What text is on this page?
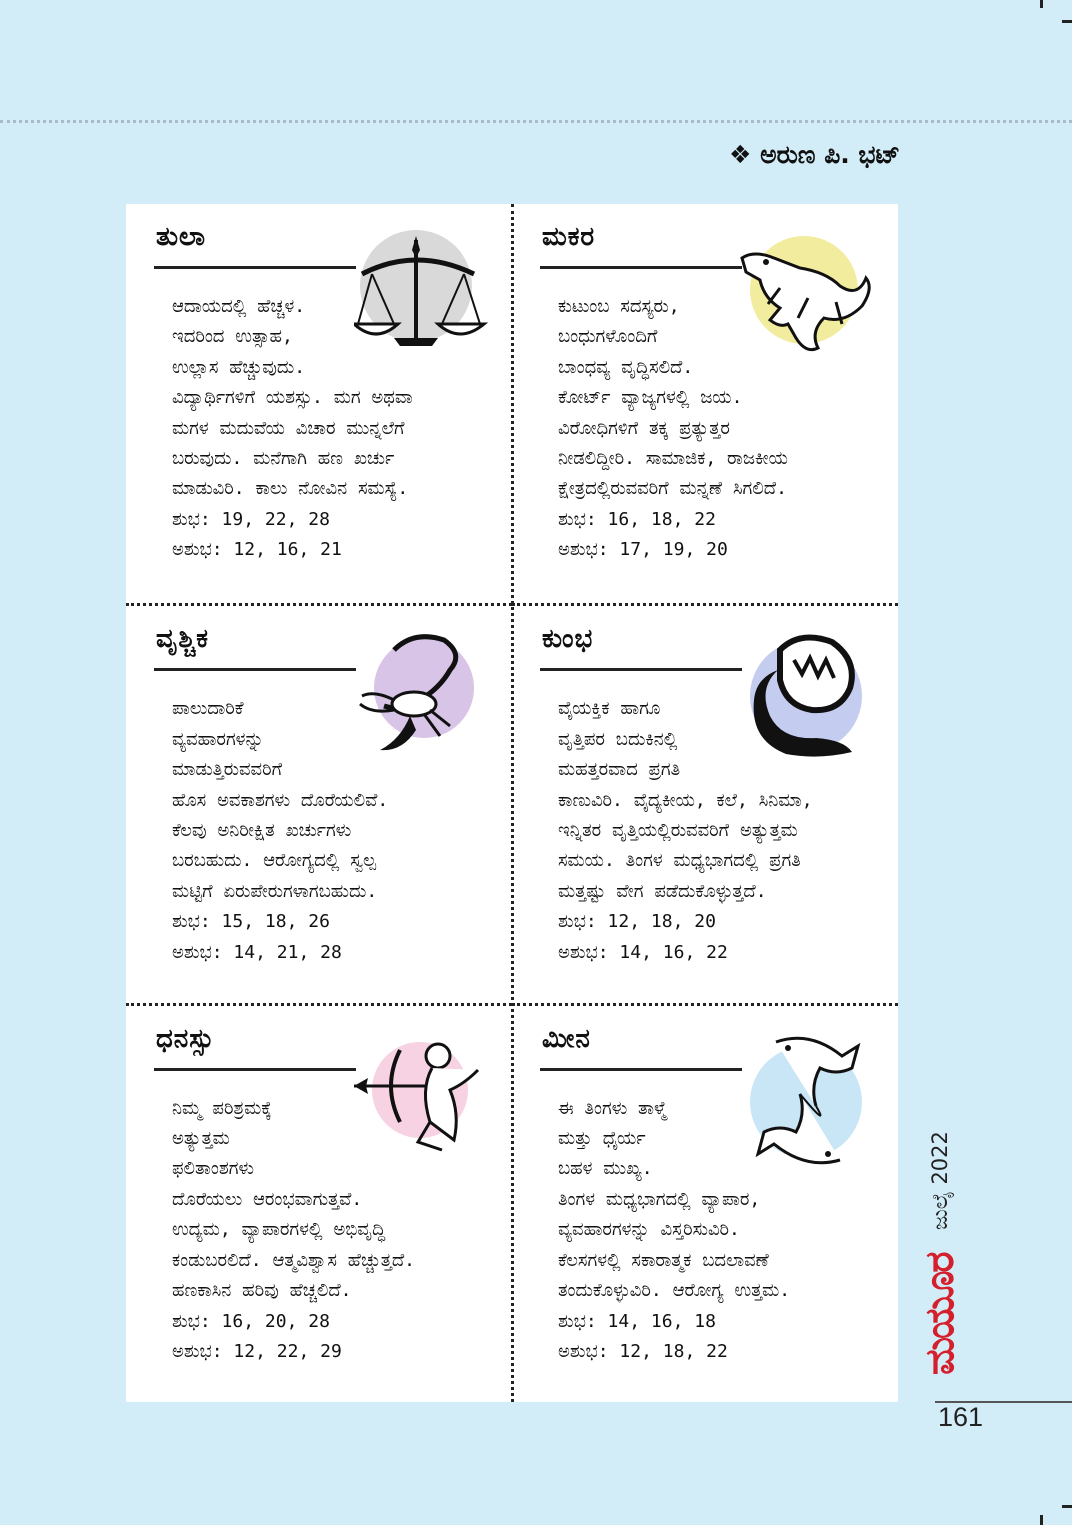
❖ ಅರುಣ ಪಿ. ಭಟ್
ತುಲಾ

ಆದಾಯದಲ್ಲಿ ಹೆಚ್ಚಳ.

ಇದರಿಂದ ಉತ್ಸಾಹ,

ಉಲ್ಲಾಸ ಹೆಚ್ಚುವುದು.

ವಿದ್ಯಾರ್ಥಿಗಳಿಗೆ ಯಶಸ್ಸು. ಮಗ ಅಥವಾ

ಮಗಳ ಮದುವೆಯ ವಿಚಾರ ಮುನ್ನಲೆಗೆ

ಬರುವುದು. ಮನೆಗಾಗಿ ಹಣ ಖರ್ಚು

ಮಾಡುವಿರಿ. ಕಾಲು ನೋವಿನ ಸಮಸ್ಯೆ.

ಶುಭ: 19, 22, 28

ಅಶುಭ: 12, 16, 21

ಮಕರ

ಕುಟುಂಬ ಸದಸ್ಯರು,

ಬಂಧುಗಳೊಂದಿಗೆ

ಬಾಂಧವ್ಯ ವೃದ್ಧಿಸಲಿದೆ.

ಕೋರ್ಟ್ ವ್ಯಾಜ್ಯಗಳಲ್ಲಿ ಜಯ.

ವಿರೋಧಿಗಳಿಗೆ ತಕ್ಕ ಪ್ರತ್ಯುತ್ತರ

ನೀಡಲಿದ್ದೀರಿ. ಸಾಮಾಜಿಕ, ರಾಜಕೀಯ

ಕ್ಷೇತ್ರದಲ್ಲಿರುವವರಿಗೆ ಮನ್ನಣೆ ಸಿಗಲಿದೆ.

ಶುಭ: 16, 18, 22

ಅಶುಭ: 17, 19, 20

ವೃಶ್ಚಿಕ

ಪಾಲುದಾರಿಕೆ

ವ್ಯವಹಾರಗಳನ್ನು

ಮಾಡುತ್ತಿರುವವರಿಗೆ

ಹೊಸ ಅವಕಾಶಗಳು ದೊರೆಯಲಿವೆ.

ಕೆಲವು ಅನಿರೀಕ್ಷಿತ ಖರ್ಚುಗಳು

ಬರಬಹುದು. ಆರೋಗ್ಯದಲ್ಲಿ ಸ್ವಲ್ಪ

ಮಟ್ಟಿಗೆ ಏರುಪೇರುಗಳಾಗಬಹುದು.

ಶುಭ: 15, 18, 26

ಅಶುಭ: 14, 21, 28

ಕುಂಭ

ವೈಯಕ್ತಿಕ ಹಾಗೂ

ವೃತ್ತಿಪರ ಬದುಕಿನಲ್ಲಿ

ಮಹತ್ತರವಾದ ಪ್ರಗತಿ

ಕಾಣುವಿರಿ. ವೈದ್ಯಕೀಯ, ಕಲೆ, ಸಿನಿಮಾ,

ಇನ್ನಿತರ ವೃತ್ತಿಯಲ್ಲಿರುವವರಿಗೆ ಅತ್ಯುತ್ತಮ

ಸಮಯ. ತಿಂಗಳ ಮಧ್ಯಭಾಗದಲ್ಲಿ ಪ್ರಗತಿ

ಮತ್ತಷ್ಟು ವೇಗ ಪಡೆದುಕೊಳ್ಳುತ್ತದೆ.

ಶುಭ: 12, 18, 20

ಅಶುಭ: 14, 16, 22

ಧನಸ್ಸು

ನಿಮ್ಮ ಪರಿಶ್ರಮಕ್ಕೆ

ಅತ್ಯುತ್ತಮ

ಫಲಿತಾಂಶಗಳು

ದೊರೆಯಲು ಆರಂಭವಾಗುತ್ತವೆ.

ಉದ್ಯಮ, ವ್ಯಾಪಾರಗಳಲ್ಲಿ ಅಭಿವೃದ್ಧಿ

ಕಂಡುಬರಲಿದೆ. ಆತ್ಮವಿಶ್ವಾಸ ಹೆಚ್ಚುತ್ತದೆ.

ಹಣಕಾಸಿನ ಹರಿವು ಹೆಚ್ಚಲಿದೆ.

ಶುಭ: 16, 20, 28

ಅಶುಭ: 12, 22, 29

ಮೀನ

ಈ ತಿಂಗಳು ತಾಳ್ಮೆ

ಮತ್ತು ಧೈರ್ಯ

ಬಹಳ ಮುಖ್ಯ.

ತಿಂಗಳ ಮಧ್ಯಭಾಗದಲ್ಲಿ ವ್ಯಾಪಾರ,

ವ್ಯವಹಾರಗಳನ್ನು ವಿಸ್ತರಿಸುವಿರಿ.

ಕೆಲಸಗಳಲ್ಲಿ ಸಕಾರಾತ್ಮಕ ಬದಲಾವಣೆ

ತಂದುಕೊಳ್ಳುವಿರಿ. ಆರೋಗ್ಯ ಉತ್ತಮ.

ಶುಭ: 14, 16, 18

ಅಶುಭ: 12, 18, 22

ಜುಲೈ 2022
ಮಯೂರ
161
